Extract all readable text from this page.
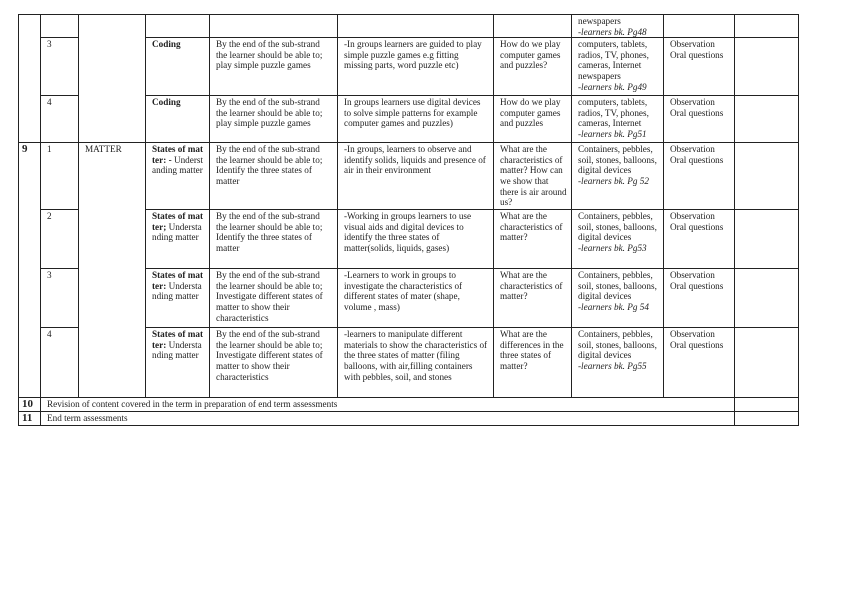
							newspapers
-learners bk. Pg48		

	3		Coding	By the end of the sub-strand the learner should be able to; play simple puzzle games	-In groups learners are guided to play simple puzzle games e.g fitting missing parts, word puzzle etc)	How do we play computer games and puzzles?	computers, tablets, radios, TV, phones, cameras, Internet newspapers
-learners bk. Pg49	Observation Oral questions	
	4		Coding	By the end of the sub-strand the learner should be able to; play simple puzzle games	In groups learners use digital devices to solve simple patterns for example computer games and puzzles)	How do we play computer games and puzzles	computers, tablets, radios, TV, phones, cameras, Internet
-learners bk. Pg51	Observation Oral questions	
9	1	MATTER	States of matter: - Understanding matter	By the end of the sub-strand the learner should be able to; Identify the three states of matter	-In groups, learners to observe and identify solids, liquids and presence of air in their environment	What are the characteristics of matter? How can we show that there is air around us?	Containers, pebbles, soil, stones, balloons, digital devices
-learners bk. Pg 52	Observation Oral questions	
	2		States of matter; Understanding matter	By the end of the sub-strand the learner should be able to; Identify the three states of matter	-Working in groups learners to use visual aids and digital devices to identify the three states of matter(solids, liquids, gases)	What are the characteristics of matter?	Containers, pebbles, soil, stones, balloons, digital devices
-learners bk. Pg53	Observation Oral questions	
	3		States of matter: Understanding matter	By the end of the sub-strand the learner should be able to; Investigate different states of matter to show their characteristics	-Learners to work in groups to investigate the characteristics of different states of mater (shape, volume , mass)	What are the characteristics of matter?	Containers, pebbles, soil, stones, balloons, digital devices
-learners bk. Pg 54	Observation Oral questions	
	4		States of matter: Understanding matter	By the end of the sub-strand the learner should be able to; Investigate different states of matter to show their characteristics	-learners to manipulate different materials to show the characteristics of the three states of matter (filing balloons, with air,filling containers with pebbles, soil, and stones	What are the differences in the three states of matter?	Containers, pebbles, soil, stones, balloons, digital devices
-learners bk. Pg55	Observation Oral questions	
10	Revision of content covered in the term in preparation of end term assessments								
11	End term assessments								
